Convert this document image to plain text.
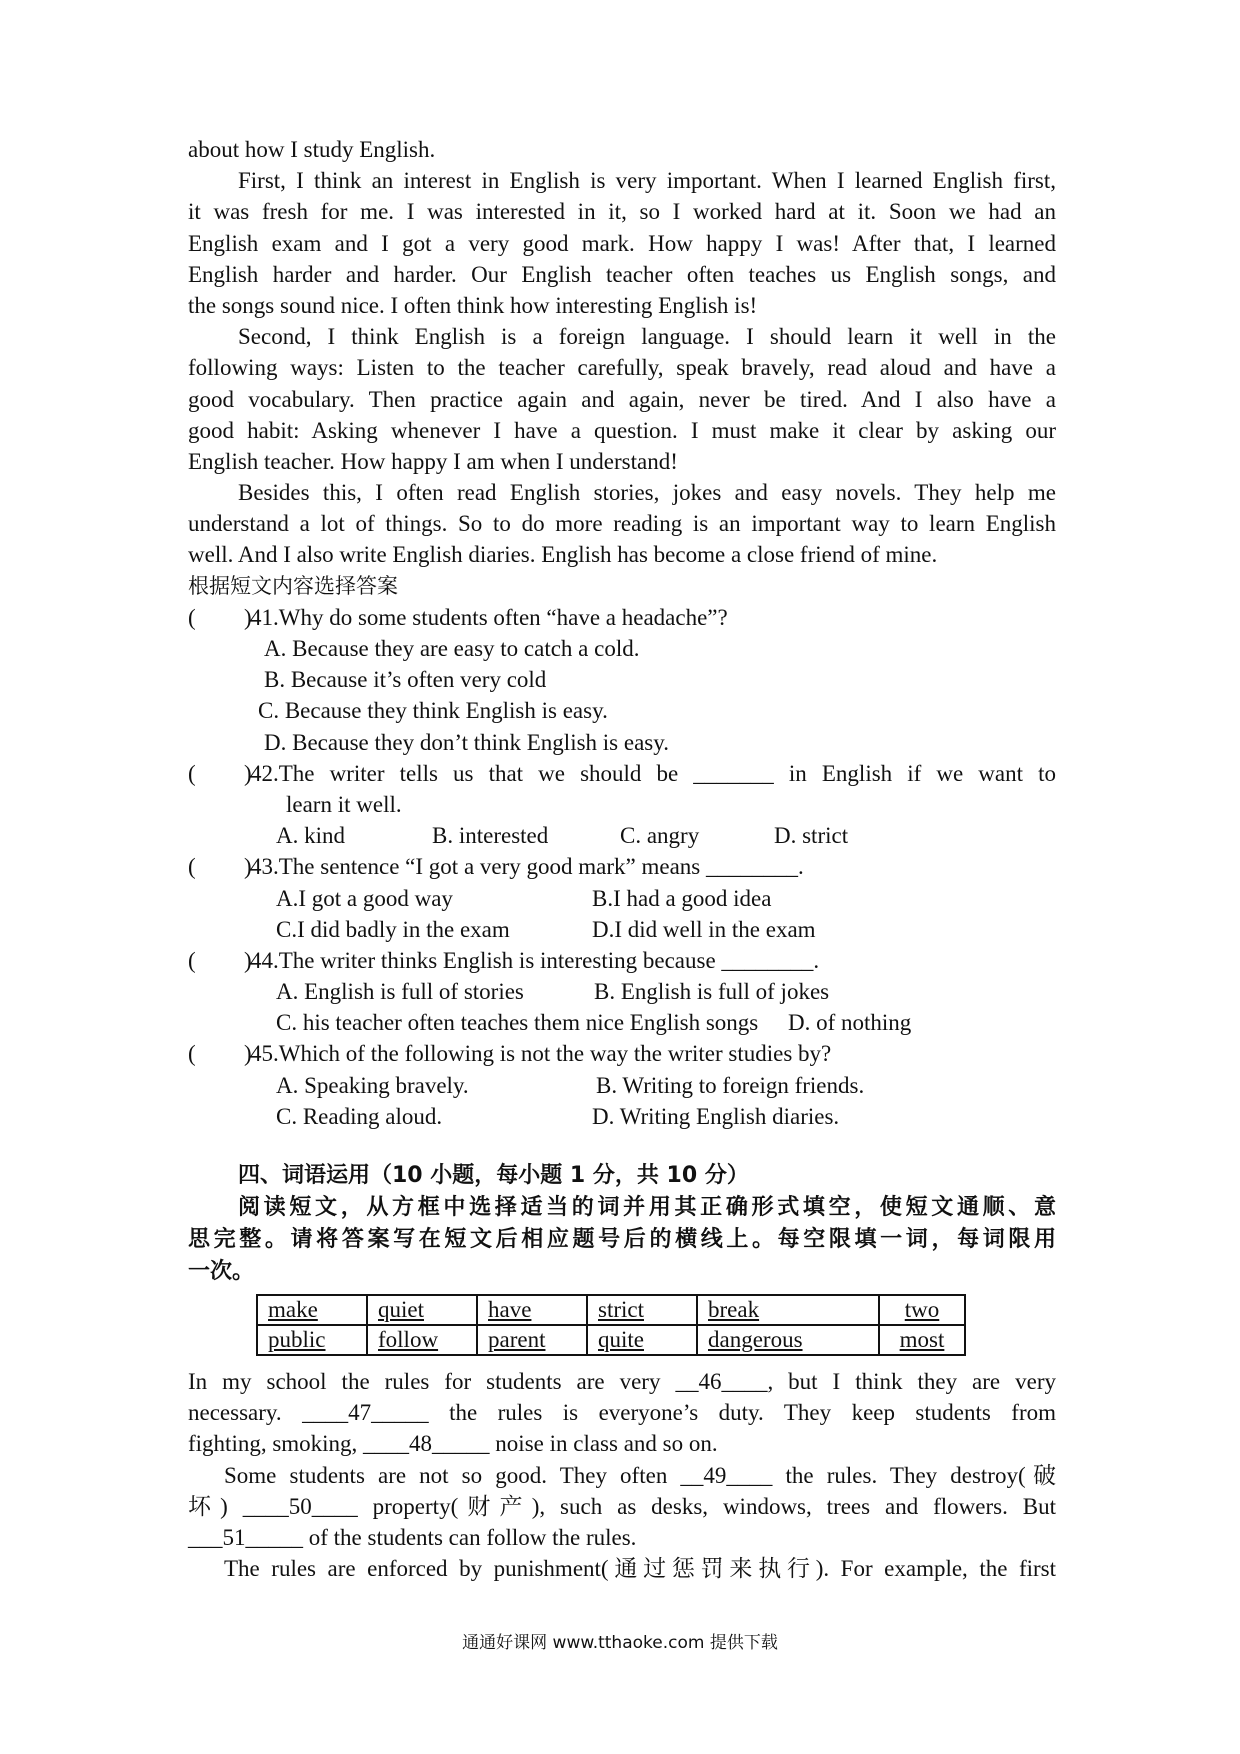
about how I study English.
First, I think an interest in English is very important. When I learned English first,
it was fresh for me. I was interested in it, so I worked hard at it. Soon we had an
English exam and I got a very good mark. How happy I was! After that, I learned
English harder and harder. Our English teacher often teaches us English songs, and
the songs sound nice. I often think how interesting English is!
Second, I think English is a foreign language. I should learn it well in the
following ways: Listen to the teacher carefully, speak bravely, read aloud and have a
good vocabulary. Then practice again and again, never be tired. And I also have a
good habit: Asking whenever I have a question. I must make it clear by asking our
English teacher. How happy I am when I understand!
Besides this, I often read English stories, jokes and easy novels. They help me
understand a lot of things. So to do more reading is an important way to learn English
well. And I also write English diaries. English has become a close friend of mine.
根据短文内容选择答案
( )
41.Why do some students often “have a headache”?
A. Because they are easy to catch a cold.
B. Because it’s often very cold
C. Because they think English is easy.
D. Because they don’t think English is easy.
( )
42.The writer tells us that we should be _______ in English if we want to
learn it well.
A. kind	B. interested	C. angry	D. strict
( )
43.The sentence “I got a very good mark” means ________.
A.I got a good way	B.I had a good idea
C.I did badly in the exam	D.I did well in the exam
( )
44.The writer thinks English is interesting because ________.
A. English is full of stories	B. English is full of jokes
C. his teacher often teaches them nice English songs D. of nothing
( )
45.Which of the following is not the way the writer studies by?
A. Speaking bravely.	B. Writing to foreign friends.
C. Reading aloud.	D. Writing English diaries.
四、词语运用（10 小题，每小题 1 分，共 10 分）
阅读短文，从方框中选择适当的词并用其正确形式填空，使短文通顺、意
思完整。请将答案写在短文后相应题号后的横线上。每空限填一词，每词限用
一次。
make	quiet	have	strict	break	two
public	follow	parent	quite	dangerous	most
In my school the rules for students are very __46____, but I think they are very
necessary. ____47_____ the rules is everyone’s duty. They keep students from
fighting, smoking, ____48_____ noise in class and so on.
Some students are not so good. They often __49____ the rules. They destroy(破
坏) ____50____ property(财产), such as desks, windows, trees and flowers. But
___51_____ of the students can follow the rules.
The rules are enforced by punishment(通过惩罚来执行). For example, the first
通通好课网 www.tthaoke.com 提供下载
